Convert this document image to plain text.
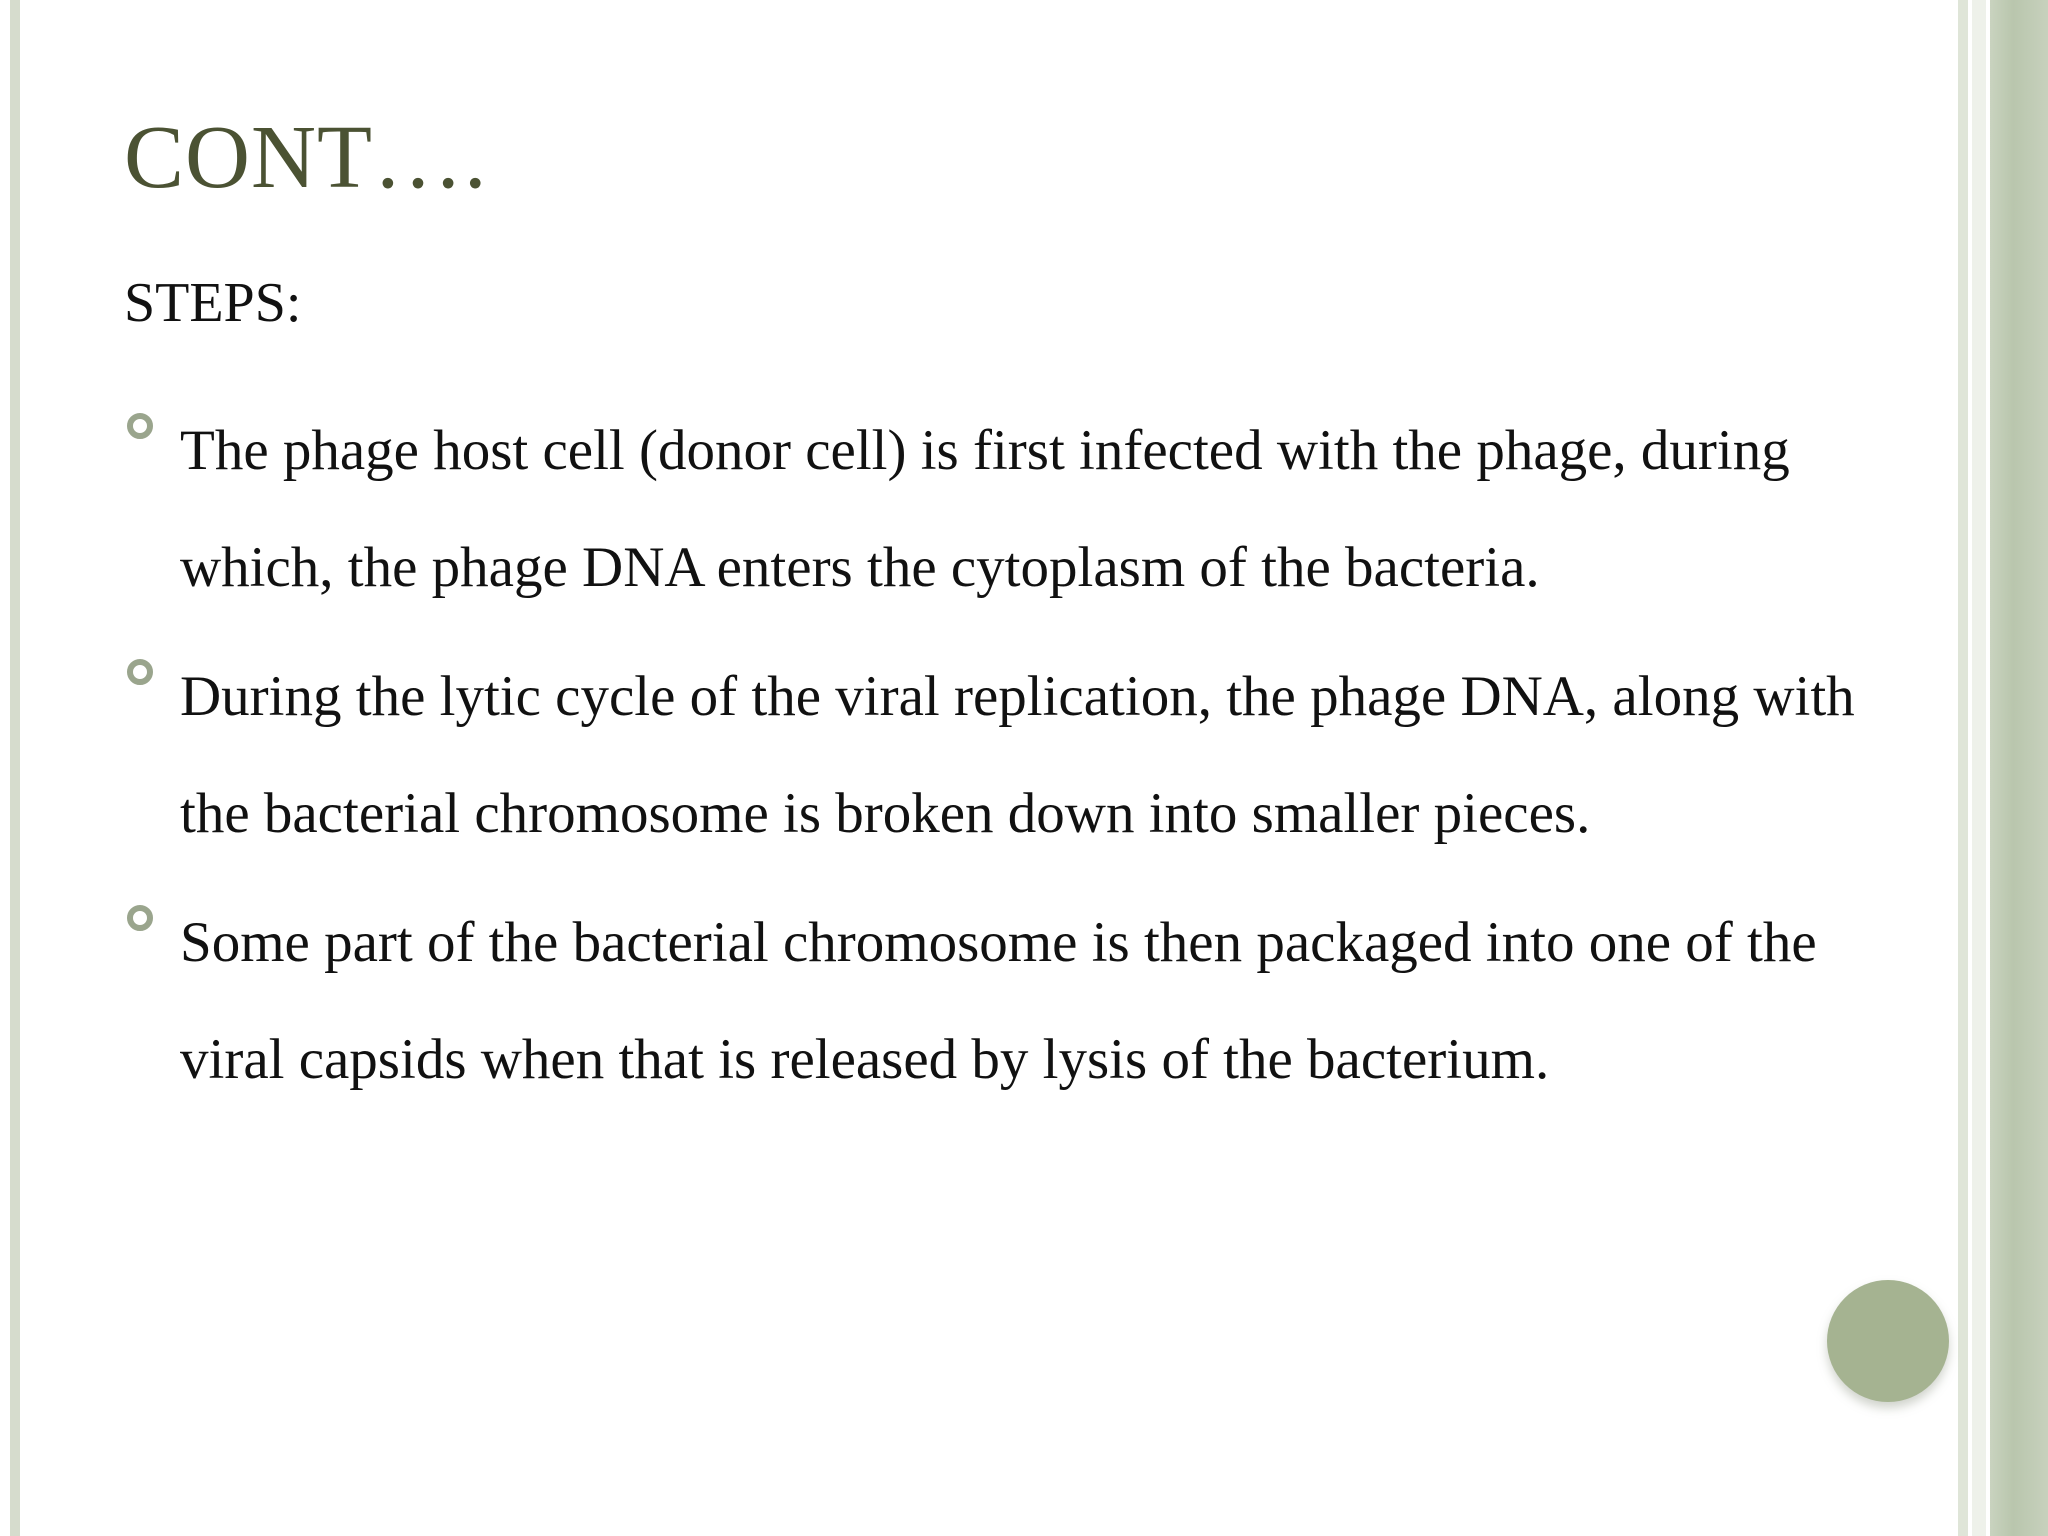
CONT….

STEPS:

The phage host cell (donor cell) is first infected with the phage, during which, the phage DNA enters the cytoplasm of the bacteria.
During the lytic cycle of the viral replication, the phage DNA, along with the bacterial chromosome is broken down into smaller pieces.
Some part of the bacterial chromosome is then packaged into one of the viral capsids when that is released by lysis of the bacterium.
